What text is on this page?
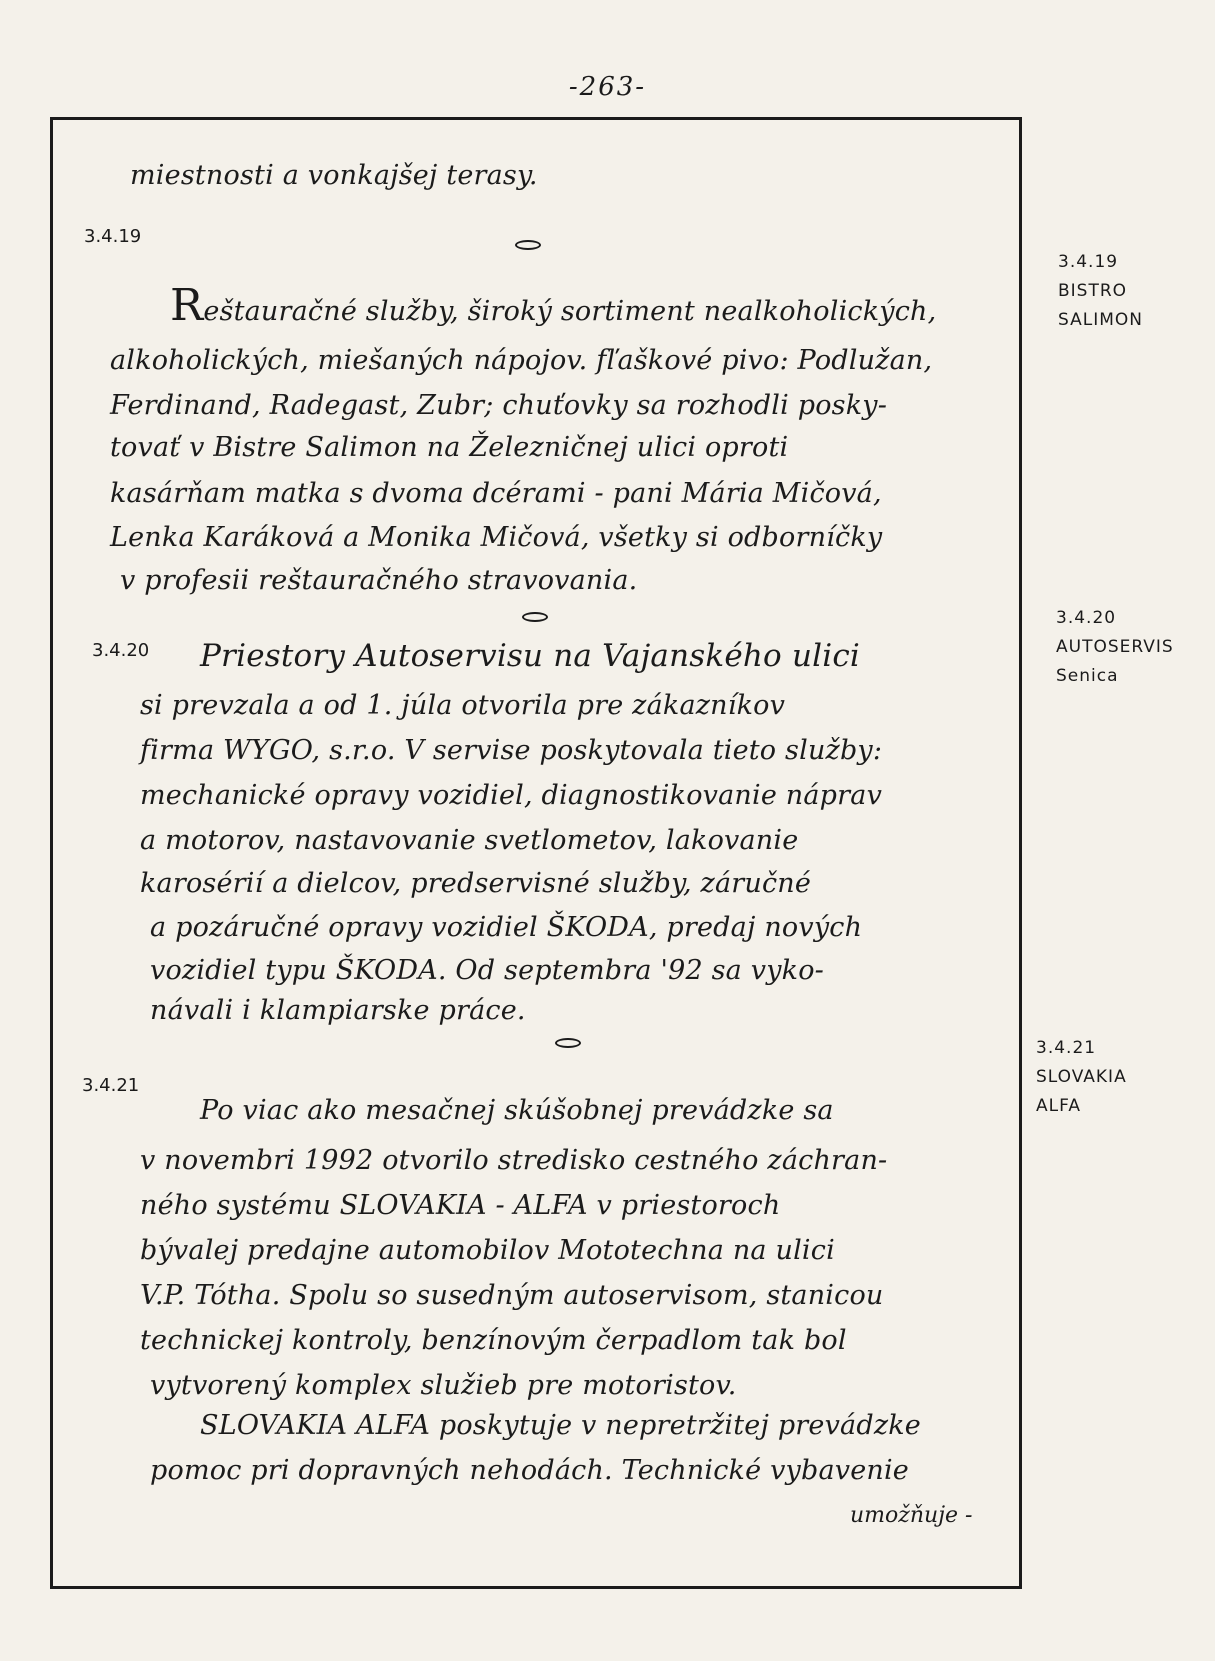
-263-
miestnosti a vonkajšej terasy.
3.4.19
Reštauračné služby, široký sortiment nealkoholických,
alkoholických, miešaných nápojov. fľaškové pivo: Podlužan,
Ferdinand, Radegast, Zubr; chuťovky sa rozhodli posky-
tovať v Bistre Salimon na Železničnej ulici oproti
kasárňam matka s dvoma dcérami - pani Mária Mičová,
Lenka Karáková a Monika Mičová, všetky si odborníčky
v profesii reštauračného stravovania.
3.4.20 Priestory Autoservisu na Vajanského ulici
si prevzala a od 1. júla otvorila pre zákazníkov
firma WYGO, s.r.o. V servise poskytovala tieto služby:
mechanické opravy vozidiel, diagnostikovanie náprav
a motorov, nastavovanie svetlometov, lakovanie
karosérií a dielcov, predservisné služby, záručné
a pozáručné opravy vozidiel ŠKODA, predaj nových
vozidiel typu ŠKODA. Od septembra '92 sa vyko-
návali i klampiarske práce.
3.4.21
Po viac ako mesačnej skúšobnej prevádzke sa
v novembri 1992 otvorilo stredisko cestného záchran-
ného systému SLOVAKIA - ALFA v priestoroch
bývalej predajne automobilov Mototechna na ulici
V.P. Tótha. Spolu so susedným autoservisom, stanicou
technickej kontroly, benzínovým čerpadlom tak bol
vytvorený komplex služieb pre motoristov.
SLOVAKIA ALFA poskytuje v nepretržitej prevádzke
pomoc pri dopravných nehodách. Technické vybavenie
umožňuje -
3.4.19
BISTRO
SALIMON
3.4.20
AUTOSERVIS
Senica
3.4.21
SLOVAKIA
ALFA
